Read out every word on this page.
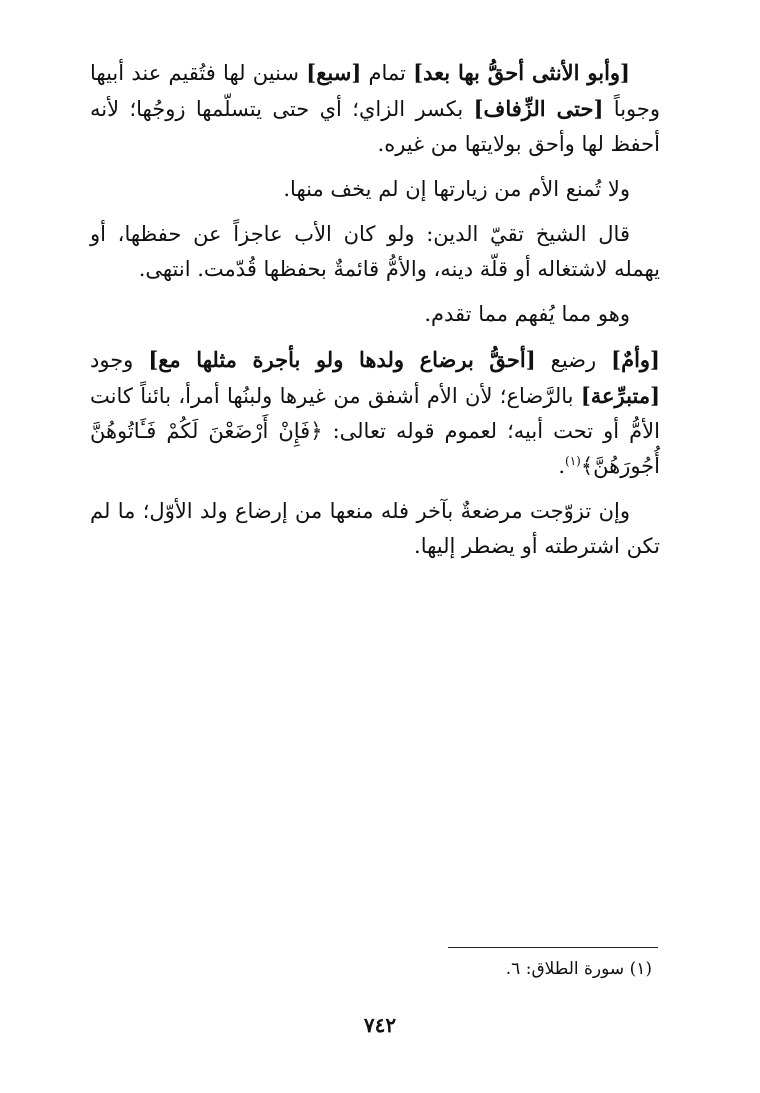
[وأبو الأنثى أحقُّ بها بعد] تمام [سبع] سنين لها فتُقيم عند أبيها وجوباً [حتى الزِّفاف] بكسر الزاي؛ أي حتى يتسلّمها زوجُها؛ لأنه أحفظ لها وأحق بولايتها من غيره.

ولا تُمنع الأم من زيارتها إن لم يخف منها.

قال الشيخ تقيّ الدين: ولو كان الأب عاجزاً عن حفظها، أو يهمله لاشتغاله أو قلّة دينه، والأمُّ قائمةٌ بحفظها قُدّمت. انتهى.

وهو مما يُفهم مما تقدم.

[وأمٌ] رضيع [أحقُّ برضاع ولدها ولو بأجرة مثلها مع] وجود [متبرِّعة] بالرَّضاع؛ لأن الأم أشفق من غيرها ولبنُها أمرأ، بائناً كانت الأمُّ أو تحت أبيه؛ لعموم قوله تعالى: ﴿فَإِنْ أَرْضَعْنَ لَكُمْ فَـَٔاتُوهُنَّ أُجُورَهُنَّ﴾$^{(١)}$.

وإن تزوّجت مرضعةٌ بآخر فله منعها من إرضاع ولد الأوّل؛ ما لم تكن اشترطته أو يضطر إليها.

(١) سورة الطلاق: ٦.
٧٤٢
